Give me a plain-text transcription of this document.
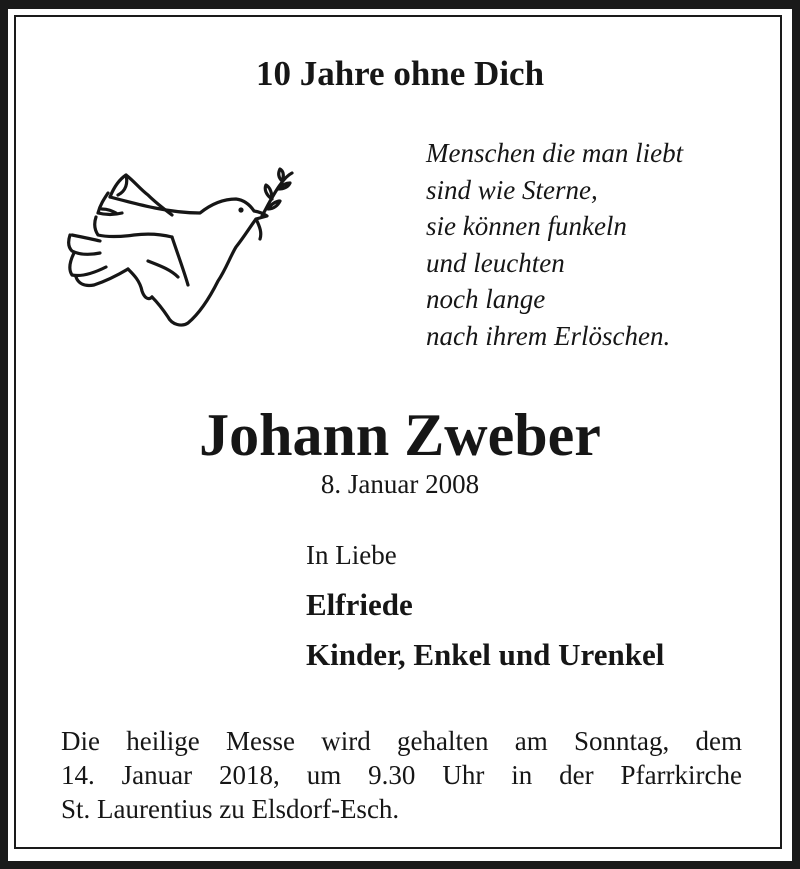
10 Jahre ohne Dich
Menschen die man liebt
sind wie Sterne,
sie können funkeln
und leuchten
noch lange
nach ihrem Erlöschen.
Johann Zweber
8. Januar 2008
In Liebe
Elfriede
Kinder, Enkel und Urenkel
Die heilige Messe wird gehalten am Sonntag, dem
14. Januar 2018, um 9.30 Uhr in der Pfarrkirche
St. Laurentius zu Elsdorf-Esch.
